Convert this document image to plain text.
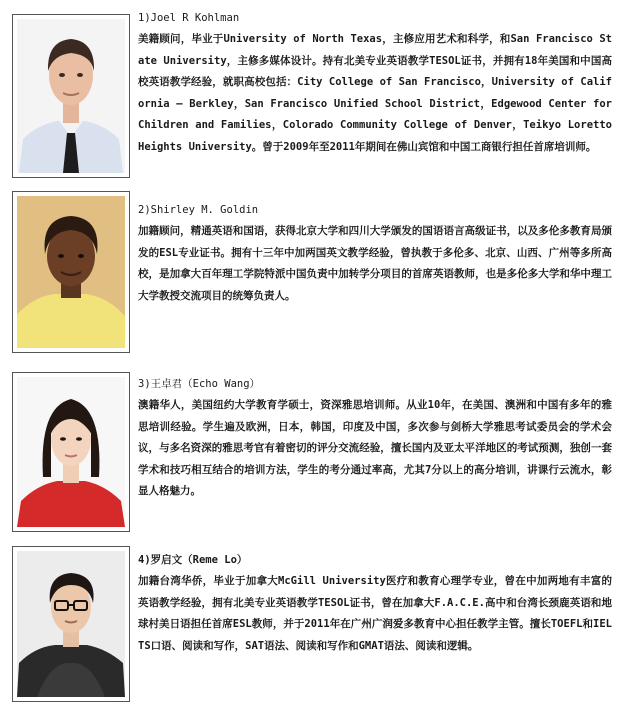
1)Joel R Kohlman

美籍顾问，毕业于University of North Texas，主修应用艺术和科学，和San Francisco State University，主修多媒体设计。持有北美专业英语教学TESOL证书，并拥有18年美国和中国高校英语教学经验，就职高校包括：City College of San Francisco，University of California – Berkley，San Francisco Unified School District，Edgewood Center for Children and Families，Colorado Community College of Denver，Teikyo Loretto Heights University。曾于2009年至2011年期间在佛山宾馆和中国工商银行担任首席培训师。

2)Shirley M. Goldin

加籍顾问，精通英语和国语，获得北京大学和四川大学颁发的国语语言高级证书，以及多伦多教育局颁发的ESL专业证书。拥有十三年中加两国英文教学经验，曾执教于多伦多、北京、山西、广州等多所高校，是加拿大百年理工学院特派中国负责中加转学分项目的首席英语教师，也是多伦多大学和华中理工大学教授交流项目的统筹负责人。

3)王卓君（Echo Wang）

澳籍华人，美国纽约大学教育学硕士，资深雅思培训师。从业10年，在美国、澳洲和中国有多年的雅思培训经验。学生遍及欧洲，日本，韩国，印度及中国，多次参与剑桥大学雅思考试委员会的学术会议，与多名资深的雅思考官有着密切的评分交流经验，擅长国内及亚太平洋地区的考试预测，独创一套学术和技巧相互结合的培训方法，学生的考分通过率高，尤其7分以上的高分培训，讲课行云流水，彰显人格魅力。

4)罗启文（Reme Lo）

加籍台湾华侨，毕业于加拿大McGill University医疗和教育心理学专业，曾在中加两地有丰富的英语教学经验，拥有北美专业英语教学TESOL证书，曾在加拿大F.A.C.E.高中和台湾长颈鹿英语和地球村美日语担任首席ESL教师，并于2011年在广州广润爱多教育中心担任教学主管。擅长TOEFL和IELTS口语、阅读和写作，SAT语法、阅读和写作和GMAT语法、阅读和逻辑。
